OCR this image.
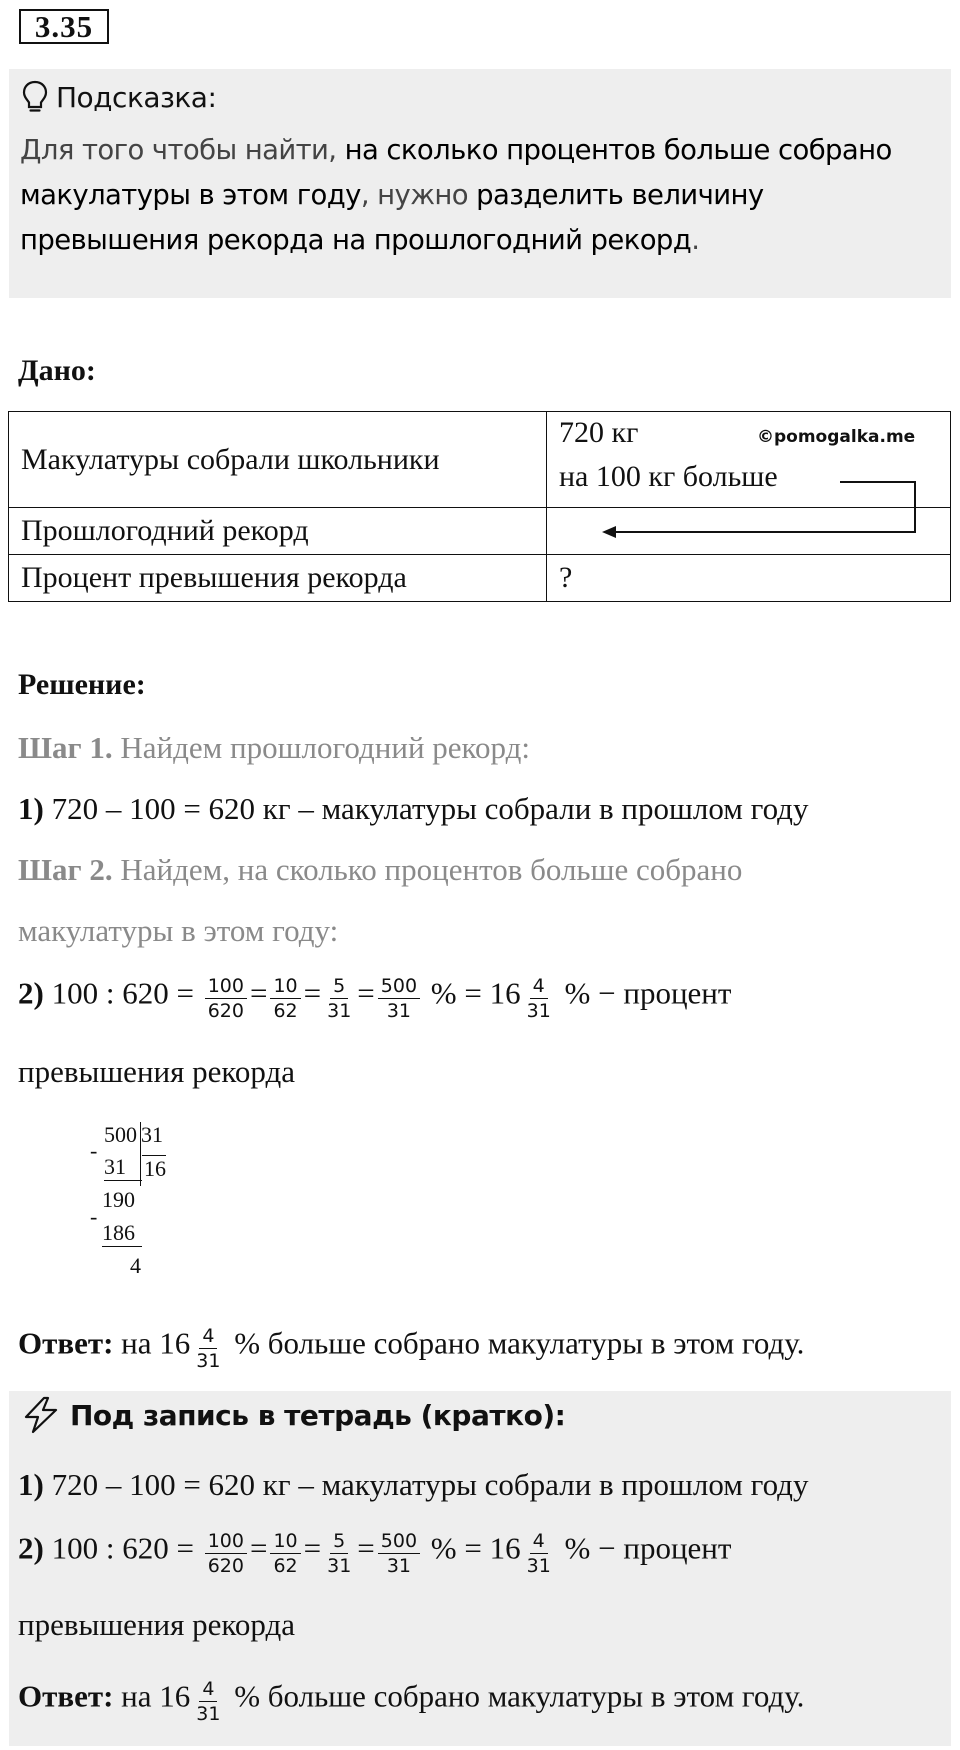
3.35
Подсказка:
Для того чтобы найти, на сколько процентов больше собрано макулатуры в этом году, нужно разделить величину превышения рекорда на прошлогодний рекорд.
Дано:
Макулатуры собрали школьники	720 кг ©pomogalka.me
на 100 кг больше

Прошлогодний рекорд	
Процент превышения рекорда	?
Решение:
Шаг 1. Найдем прошлогодний рекорд:
1) 720 – 100 = 620 кг – макулатуры собрали в прошлом году
Шаг 2. Найдем, на сколько процентов больше собрано
макулатуры в этом году:
2) 100 : $620 = \frac{100}{620} = \frac{10}{62} = \frac{5}{31} = \frac{500}{31}$ % = $16 \frac{4}{31}$ % − процент
превышения рекорда
500 31
-
31 16
190
-
186
4
Ответ: на $16 \frac{4}{31}$ % больше собрано макулатуры в этом году.
Под запись в тетрадь (кратко):
1) 720 – 100 = 620 кг – макулатуры собрали в прошлом году
2) 100 : $620 = \frac{100}{620} = \frac{10}{62} = \frac{5}{31} = \frac{500}{31}$ % = $16 \frac{4}{31}$ % − процент
превышения рекорда
Ответ: на $16 \frac{4}{31}$ % больше собрано макулатуры в этом году.
